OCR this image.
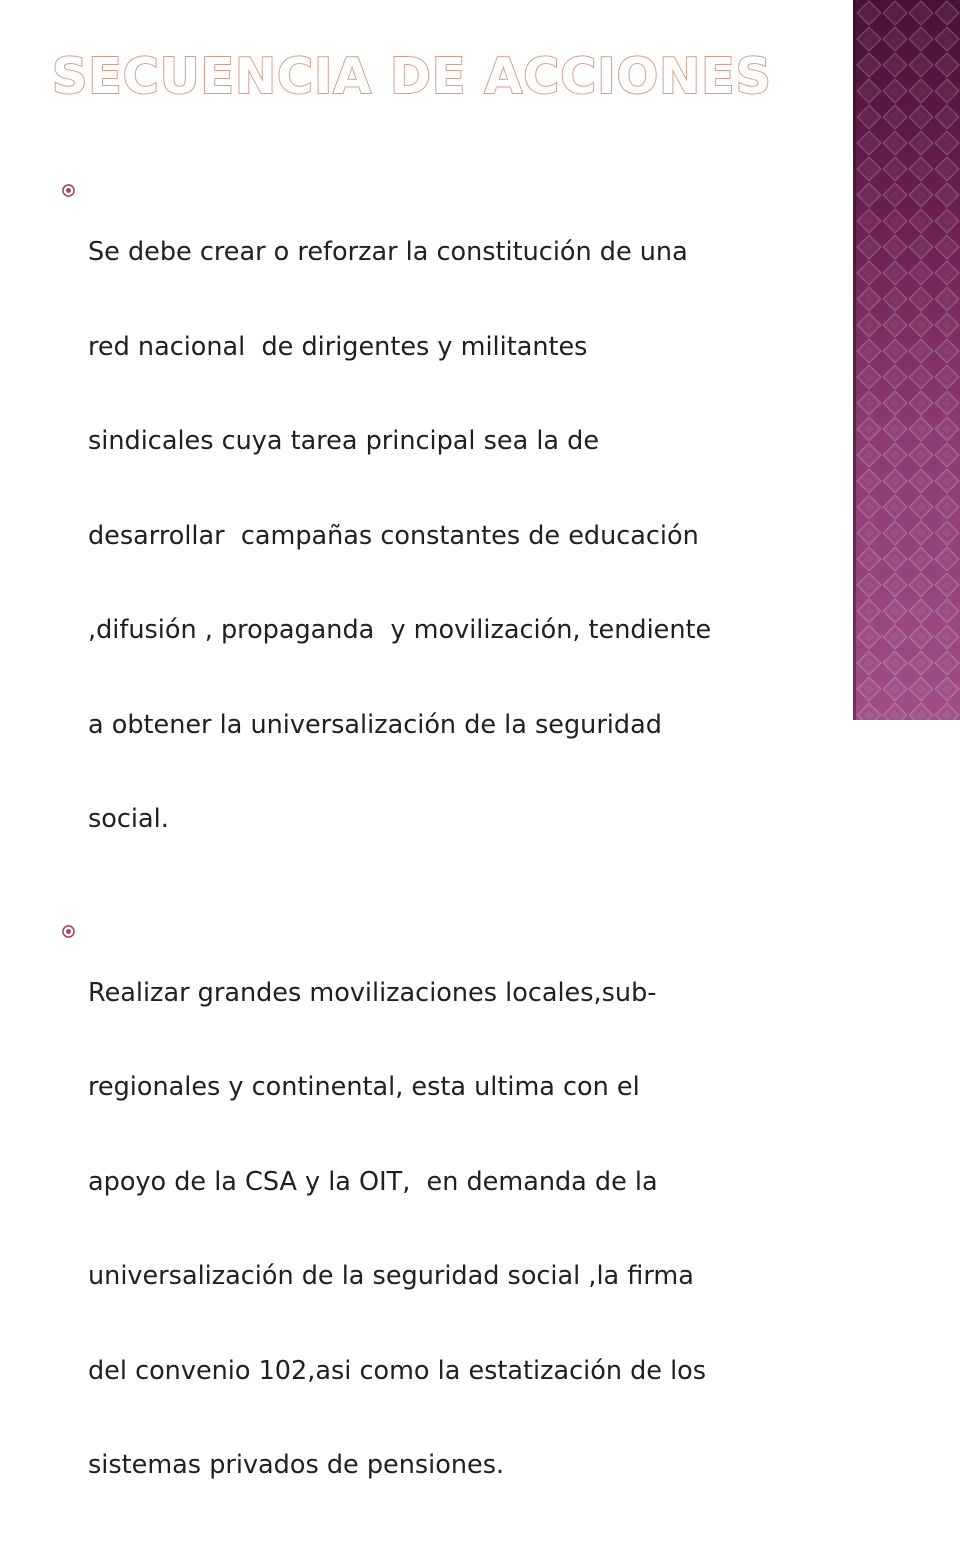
SECUENCIA DE ACCIONES

Se debe crear o reforzar la constitución de una

red nacional  de dirigentes y militantes

sindicales cuya tarea principal sea la de

desarrollar  campañas constantes de educación

,difusión , propaganda  y movilización, tendiente

a obtener la universalización de la seguridad

social.

Realizar grandes movilizaciones locales,sub-

regionales y continental, esta ultima con el

apoyo de la CSA y la OIT,  en demanda de la

universalización de la seguridad social ,la firma

del convenio 102,asi como la estatización de los

sistemas privados de pensiones.
